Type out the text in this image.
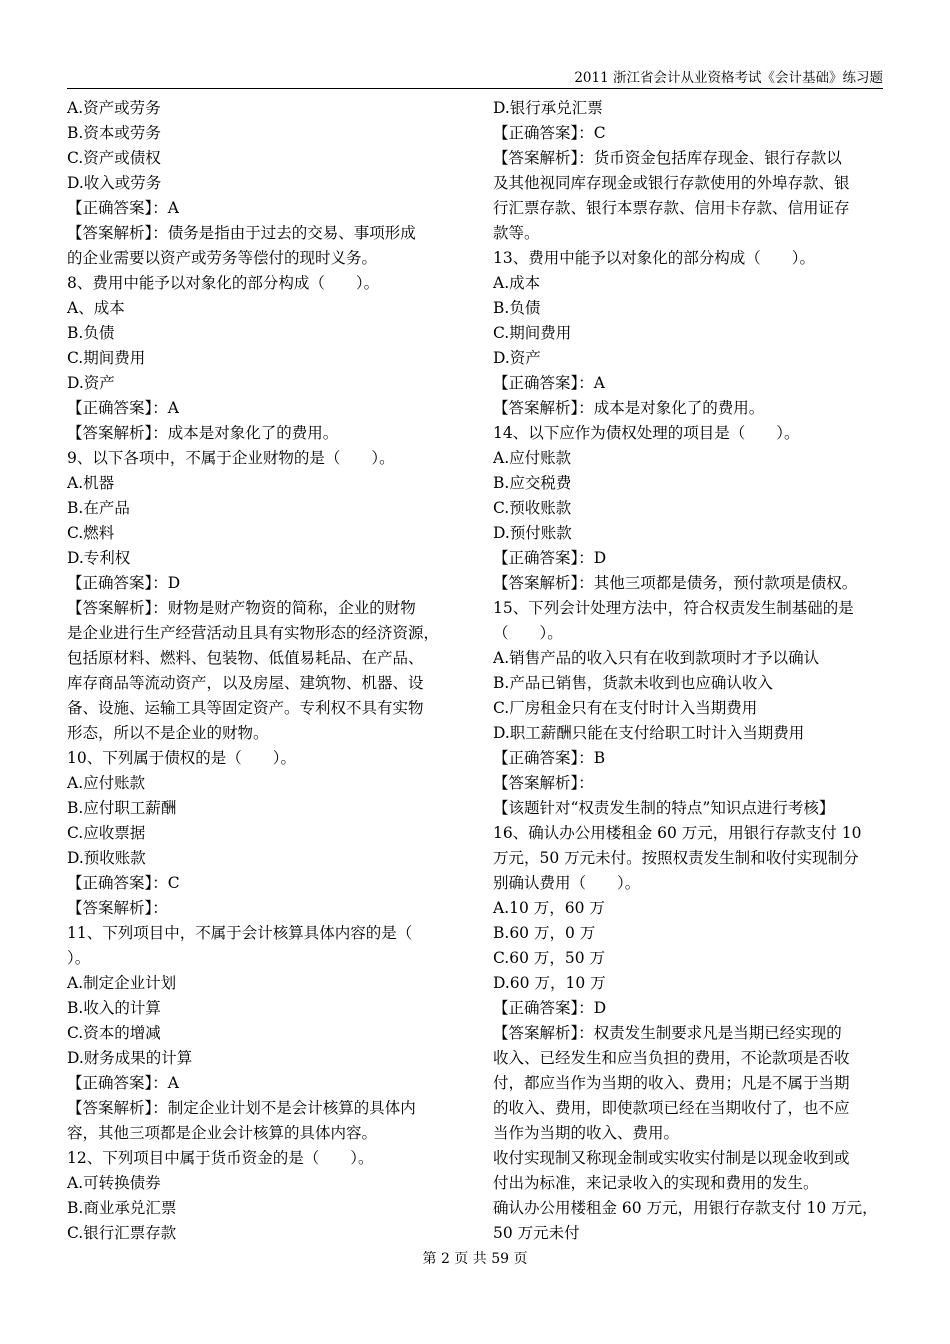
2011 浙江省会计从业资格考试《会计基础》练习题
A.资产或劳务
B.资本或劳务
C.资产或债权
D.收入或劳务
【正确答案】：A
【答案解析】：债务是指由于过去的交易、事项形成
的企业需要以资产或劳务等偿付的现时义务。
8、费用中能予以对象化的部分构成（　　）。
A、成本
B.负债
C.期间费用
D.资产
【正确答案】：A
【答案解析】：成本是对象化了的费用。
9、以下各项中，不属于企业财物的是（　　）。
A.机器
B.在产品
C.燃料
D.专利权
【正确答案】：D
【答案解析】：财物是财产物资的简称，企业的财物
是企业进行生产经营活动且具有实物形态的经济资源，
包括原材料、燃料、包装物、低值易耗品、在产品、
库存商品等流动资产，以及房屋、建筑物、机器、设
备、设施、运输工具等固定资产。专利权不具有实物
形态，所以不是企业的财物。
10、下列属于债权的是（　　）。
A.应付账款
B.应付职工薪酬
C.应收票据
D.预收账款
【正确答案】：C
【答案解析】：
11、下列项目中，不属于会计核算具体内容的是（
）。
A.制定企业计划
B.收入的计算
C.资本的增减
D.财务成果的计算
【正确答案】：A
【答案解析】：制定企业计划不是会计核算的具体内
容，其他三项都是企业会计核算的具体内容。
12、下列项目中属于货币资金的是（　　）。
A.可转换债券
B.商业承兑汇票
C.银行汇票存款
D.银行承兑汇票
【正确答案】：C
【答案解析】：货币资金包括库存现金、银行存款以
及其他视同库存现金或银行存款使用的外埠存款、银
行汇票存款、银行本票存款、信用卡存款、信用证存
款等。
13、费用中能予以对象化的部分构成（　　）。
A.成本
B.负债
C.期间费用
D.资产
【正确答案】：A
【答案解析】：成本是对象化了的费用。
14、以下应作为债权处理的项目是（　　）。
A.应付账款
B.应交税费
C.预收账款
D.预付账款
【正确答案】：D
【答案解析】：其他三项都是债务，预付款项是债权。
15、下列会计处理方法中，符合权责发生制基础的是
（　　）。
A.销售产品的收入只有在收到款项时才予以确认
B.产品已销售，货款未收到也应确认收入
C.厂房租金只有在支付时计入当期费用
D.职工薪酬只能在支付给职工时计入当期费用
【正确答案】：B
【答案解析】：
【该题针对“权责发生制的特点”知识点进行考核】
16、确认办公用楼租金 60 万元，用银行存款支付 10
万元，50 万元未付。按照权责发生制和收付实现制分
别确认费用（　　）。
A.10 万，60 万
B.60 万，0 万
C.60 万，50 万
D.60 万，10 万
【正确答案】：D
【答案解析】：权责发生制要求凡是当期已经实现的
收入、已经发生和应当负担的费用，不论款项是否收
付，都应当作为当期的收入、费用；凡是不属于当期
的收入、费用，即使款项已经在当期收付了，也不应
当作为当期的收入、费用。
收付实现制又称现金制或实收实付制是以现金收到或
付出为标准，来记录收入的实现和费用的发生。
确认办公用楼租金 60 万元，用银行存款支付 10 万元，
50 万元未付
第 2 页 共 59 页
